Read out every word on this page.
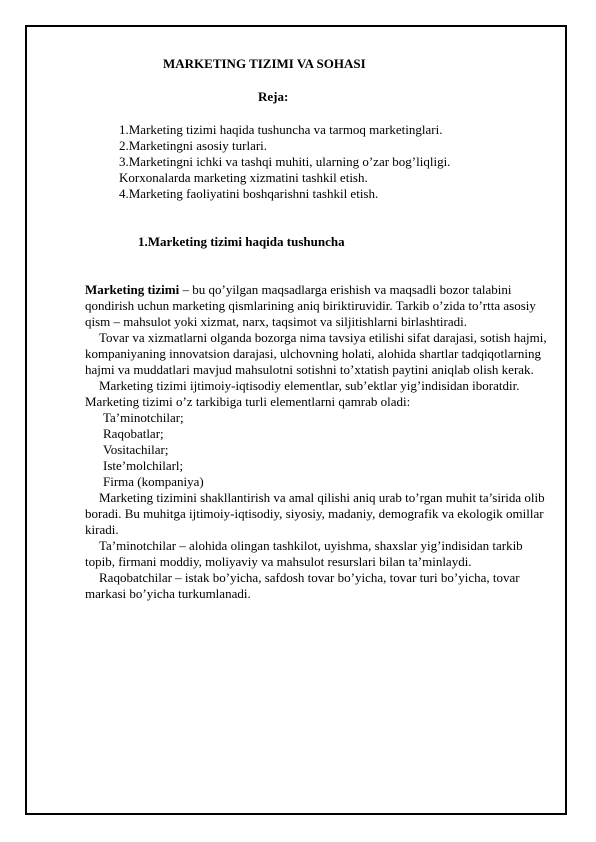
MARKETING TIZIMI VA SOHASI
Reja:
1.Marketing tizimi haqida tushuncha va tarmoq marketinglari.
2.Marketingni asosiy turlari.
3.Marketingni ichki va tashqi muhiti, ularning o’zar bog’liqligi.
Korxonalarda marketing xizmatini tashkil etish.
4.Marketing faoliyatini boshqarishni tashkil etish.
1.Marketing tizimi haqida tushuncha

Marketing tizimi – bu qo’yilgan maqsadlarga erishish va maqsadli bozor talabini qondirish uchun marketing qismlarining aniq biriktiruvidir. Tarkib o’zida to’rtta asosiy qism – mahsulot yoki xizmat, narx, taqsimot va siljitishlarni birlashtiradi.

Tovar va xizmatlarni olganda bozorga nima tavsiya etilishi sifat darajasi, sotish hajmi, kompaniyaning innovatsion darajasi, ulchovning holati, alohida shartlar tadqiqotlarning hajmi va muddatlari mavjud mahsulotni sotishni to’xtatish paytini aniqlab olish kerak.

Marketing tizimi ijtimoiy-iqtisodiy elementlar, sub’ektlar yig’indisidan iboratdir. Marketing tizimi o’z tarkibiga turli elementlarni qamrab oladi:

Ta’minotchilar;

Raqobatlar;

Vositachilar;

Iste’molchilarl;

Firma (kompaniya)

Marketing tizimini shakllantirish va amal qilishi aniq urab to’rgan muhit ta’sirida olib boradi. Bu muhitga ijtimoiy-iqtisodiy, siyosiy, madaniy, demografik va ekologik omillar kiradi.

Ta’minotchilar – alohida olingan tashkilot, uyishma, shaxslar yig’indisidan tarkib topib, firmani moddiy, moliyaviy va mahsulot resurslari bilan ta’minlaydi.

Raqobatchilar – istak bo’yicha, safdosh tovar bo’yicha, tovar turi bo’yicha, tovar markasi bo’yicha turkumlanadi.
